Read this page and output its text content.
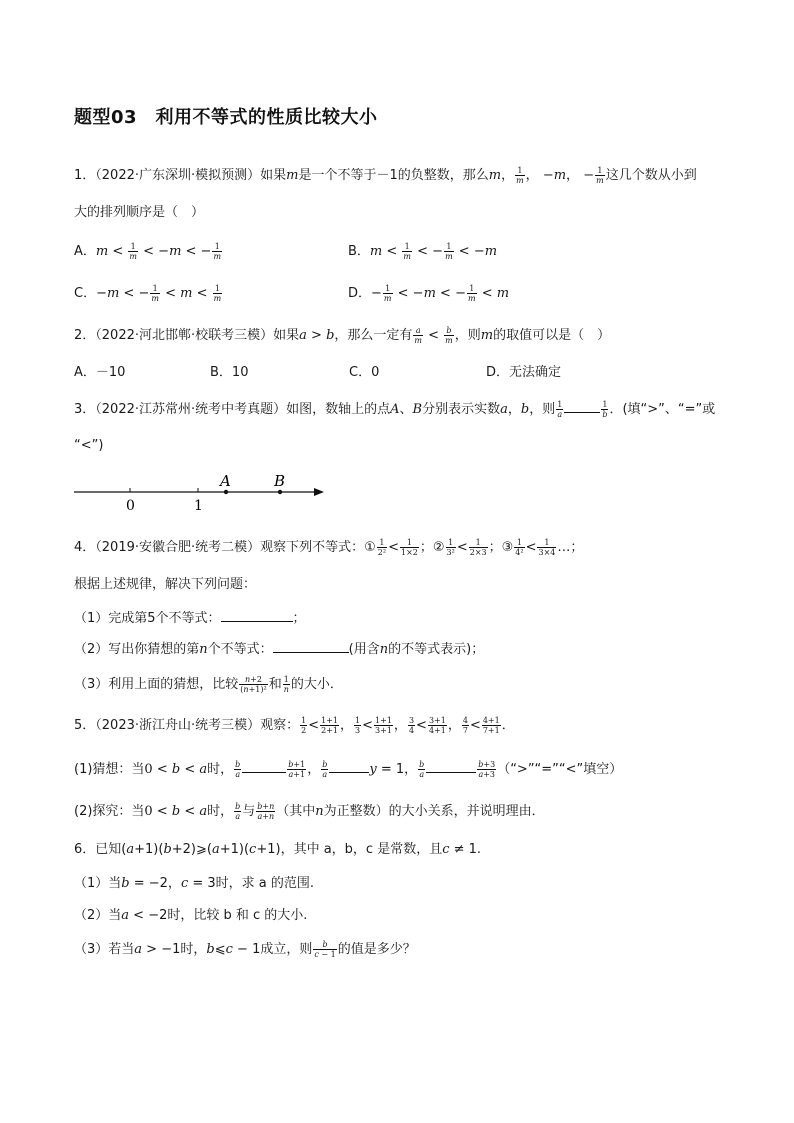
题型03　利用不等式的性质比较大小
1．（2022·广东深圳·模拟预测）如果m是一个不等于－1的负整数，那么m， $\frac{1}{m}$ ， −m， − $\frac{1}{m}$ 这几个数从小到
大的排列顺序是（　）
A．$m < \frac{1}{m} < -m$ < − $\frac{1}{m}$	B．$m < \frac{1}{m}$ < − $\frac{1}{m} < -m$
C．−m < − $\frac{1}{m} < m < \frac{1}{m}$	D．− $\frac{1}{m} < -m$ < − $\frac{1}{m} < m$
2．（2022·河北邯郸·校联考三模）如果a > b，那么一定有 $\frac{a}{m} < \frac{b}{m}$ ，则m的取值可以是（　）
A．－10	B．10	C．0	D．无法确定
3．（2022·江苏常州·统考中考真题）如图，数轴上的点A、B分别表示实数a，b，则 $\frac{1}{a}$	$\frac{1}{b}$ ．(填“>”、“=”或
“<”)
0	1
A	B
4．（2019·安徽合肥·统考二模）观察下列不等式：① $\frac{1}{\text{2²}} < \frac{1}{1\times 2}$ ；② $\frac{1}{\text{3²}} < \frac{1}{2\times 3}$ ；③ $\frac{1}{\text{4²}} < \frac{1}{3\times 4}$ …；
根据上述规律，解决下列问题：
（1）完成第5个不等式：	；
（2）写出你猜想的第n个不等式：	(用含n的不等式表示)；
（3）利用上面的猜想，比较 $\frac{n+2}{\text{(n+1)²}}$ 和 $\frac{1}{n}$ 的大小．
5．（2023·浙江舟山·统考三模）观察： $\frac{1}{2} < \frac{1+1}{2+1}$ ， $\frac{1}{3} < \frac{1+1}{3+1}$ ， $\frac{3}{4} < \frac{3+1}{4+1}$ ， $\frac{4}{7} < \frac{4+1}{7+1}$ ．
(1)猜想：当0 < b < a时， $\frac{b}{a}$	$\frac{b+1}{a+1}$ ， $\frac{b}{a}$	y = 1， $\frac{b}{a}$	$\frac{b+3}{a+3}$ （“>”“=”“<”填空）
(2)探究：当0 < b < a时， $\frac{b}{a}$ 与 $\frac{b+n}{a+n}$ （其中n为正整数）的大小关系，并说明理由．
6．已知(a+1)(b+2)⩾(a+1)(c+1)，其中 a，b，c 是常数，且c ≠ 1.
（1）当b = −2，c = 3时，求 a 的范围.
（2）当a < −2时，比较 b 和 c 的大小.
（3）若当a > −1时，b⩽c − 1成立，则 $\frac{b}{c - 1}$ 的值是多少？
